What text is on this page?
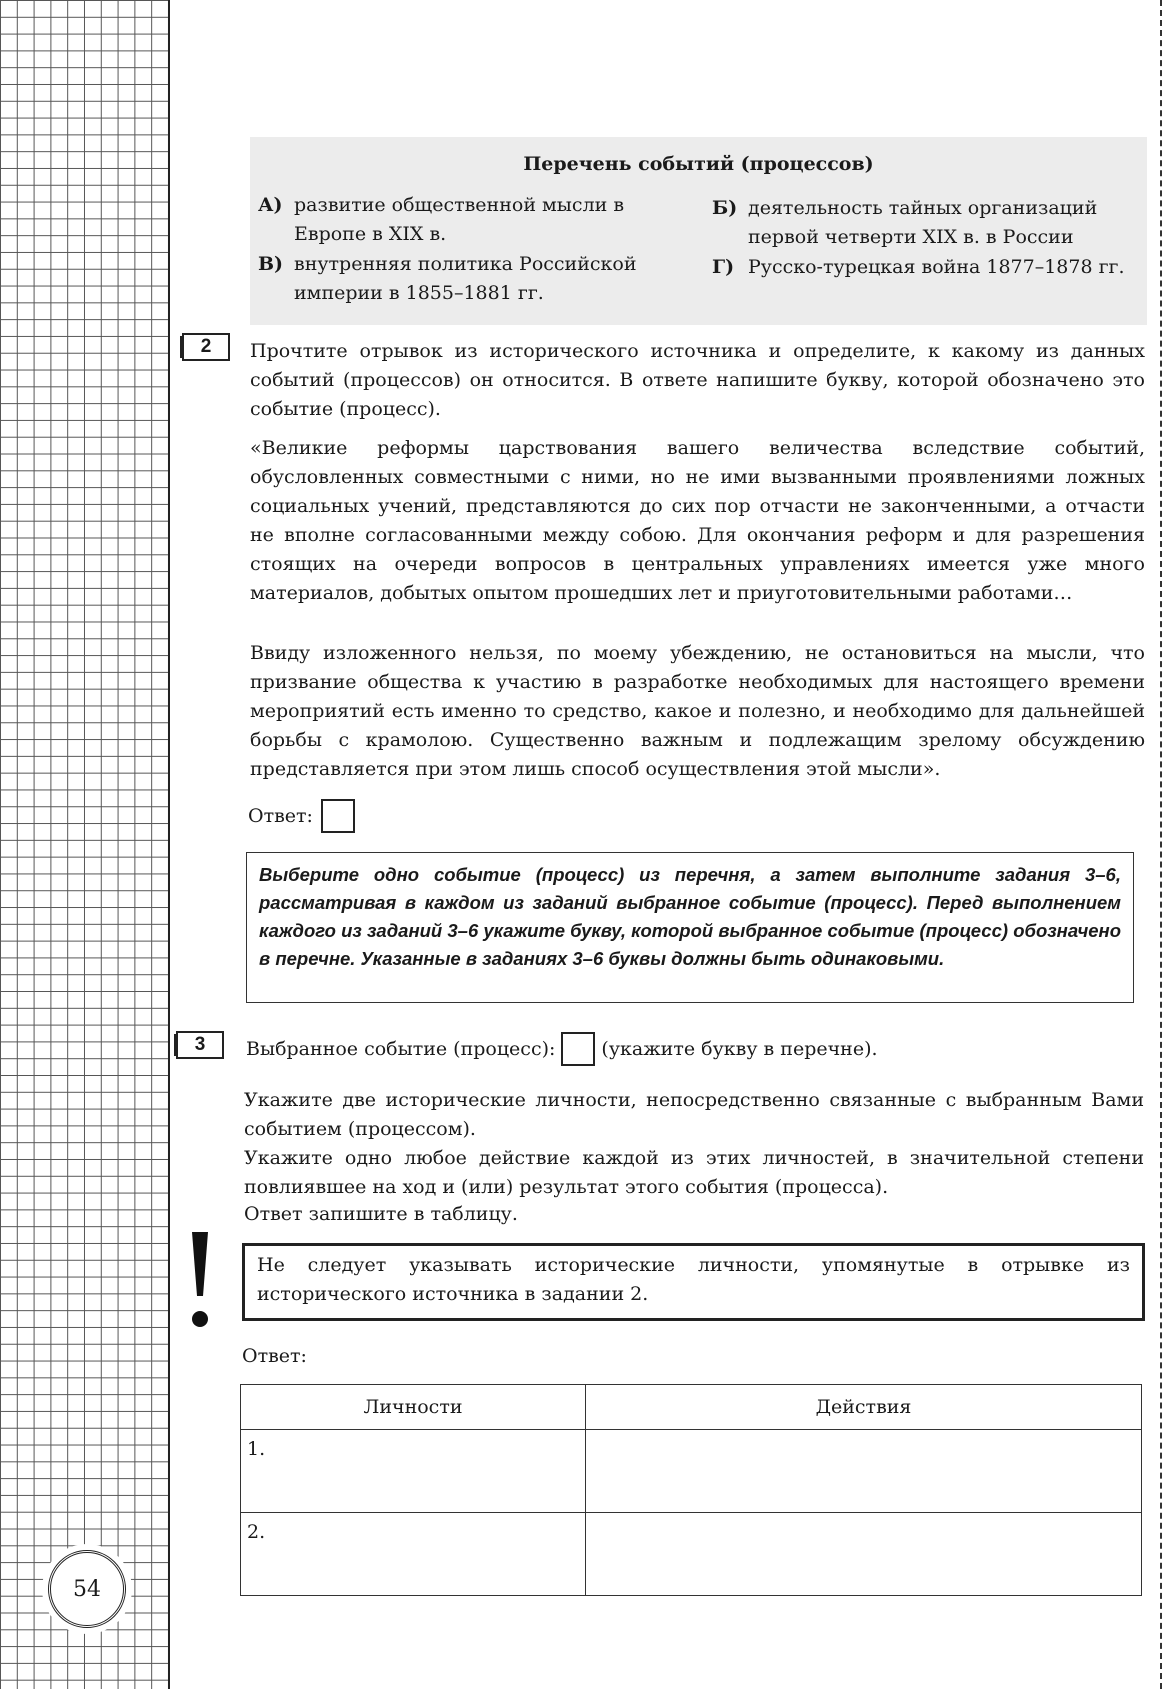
54
Перечень событий (процессов)
А) развитие общественной мысли в Европе в XIX в.
Б) деятельность тайных организаций первой четверти XIX в. в России
В) внутренняя политика Российской империи в 1855–1881 гг.
Г) Русско-турецкая война 1877–1878 гг.
2	Прочтите отрывок из исторического источника и определите, к какому из данных событий (процессов) он относится. В ответе напишите букву, которой обозначено это событие (процесс).

«Великие реформы царствования вашего величества вследствие событий, обусловленных совместными с ними, но не ими вызванными проявлениями ложных социальных учений, представляются до сих пор отчасти не законченными, а отчасти не вполне согласованными между собою. Для окончания реформ и для разрешения стоящих на очереди вопросов в центральных управлениях имеется уже много материалов, добытых опытом прошедших лет и приуготовительными работами…

Ввиду изложенного нельзя, по моему убеждению, не остановиться на мысли, что призвание общества к участию в разработке необходимых для настоящего времени мероприятий есть именно то средство, какое и полезно, и необходимо для дальнейшей борьбы с крамолою. Существенно важным и подлежащим зрелому обсуждению представляется при этом лишь способ осуществления этой мысли».

Ответ:
Выберите одно событие (процесс) из перечня, а затем выполните задания 3–6, рассматривая в каждом из заданий выбранное событие (процесс). Перед выполнением каждого из заданий 3–6 укажите букву, которой выбранное событие (процесс) обозначено в перечне. Указанные в заданиях 3–6 буквы должны быть одинаковыми.
3	Выбранное событие (процесс): (укажите букву в перечне).

Укажите две исторические личности, непосредственно связанные с выбранным Вами событием (процессом).

Укажите одно любое действие каждой из этих личностей, в значительной степени повлиявшее на ход и (или) результат этого события (процесса).

Ответ запишите в таблицу.

Не следует указывать исторические личности, упомянутые в отрывке из исторического источника в задании 2.
Ответ:
Личности	Действия
1.	
2.	
